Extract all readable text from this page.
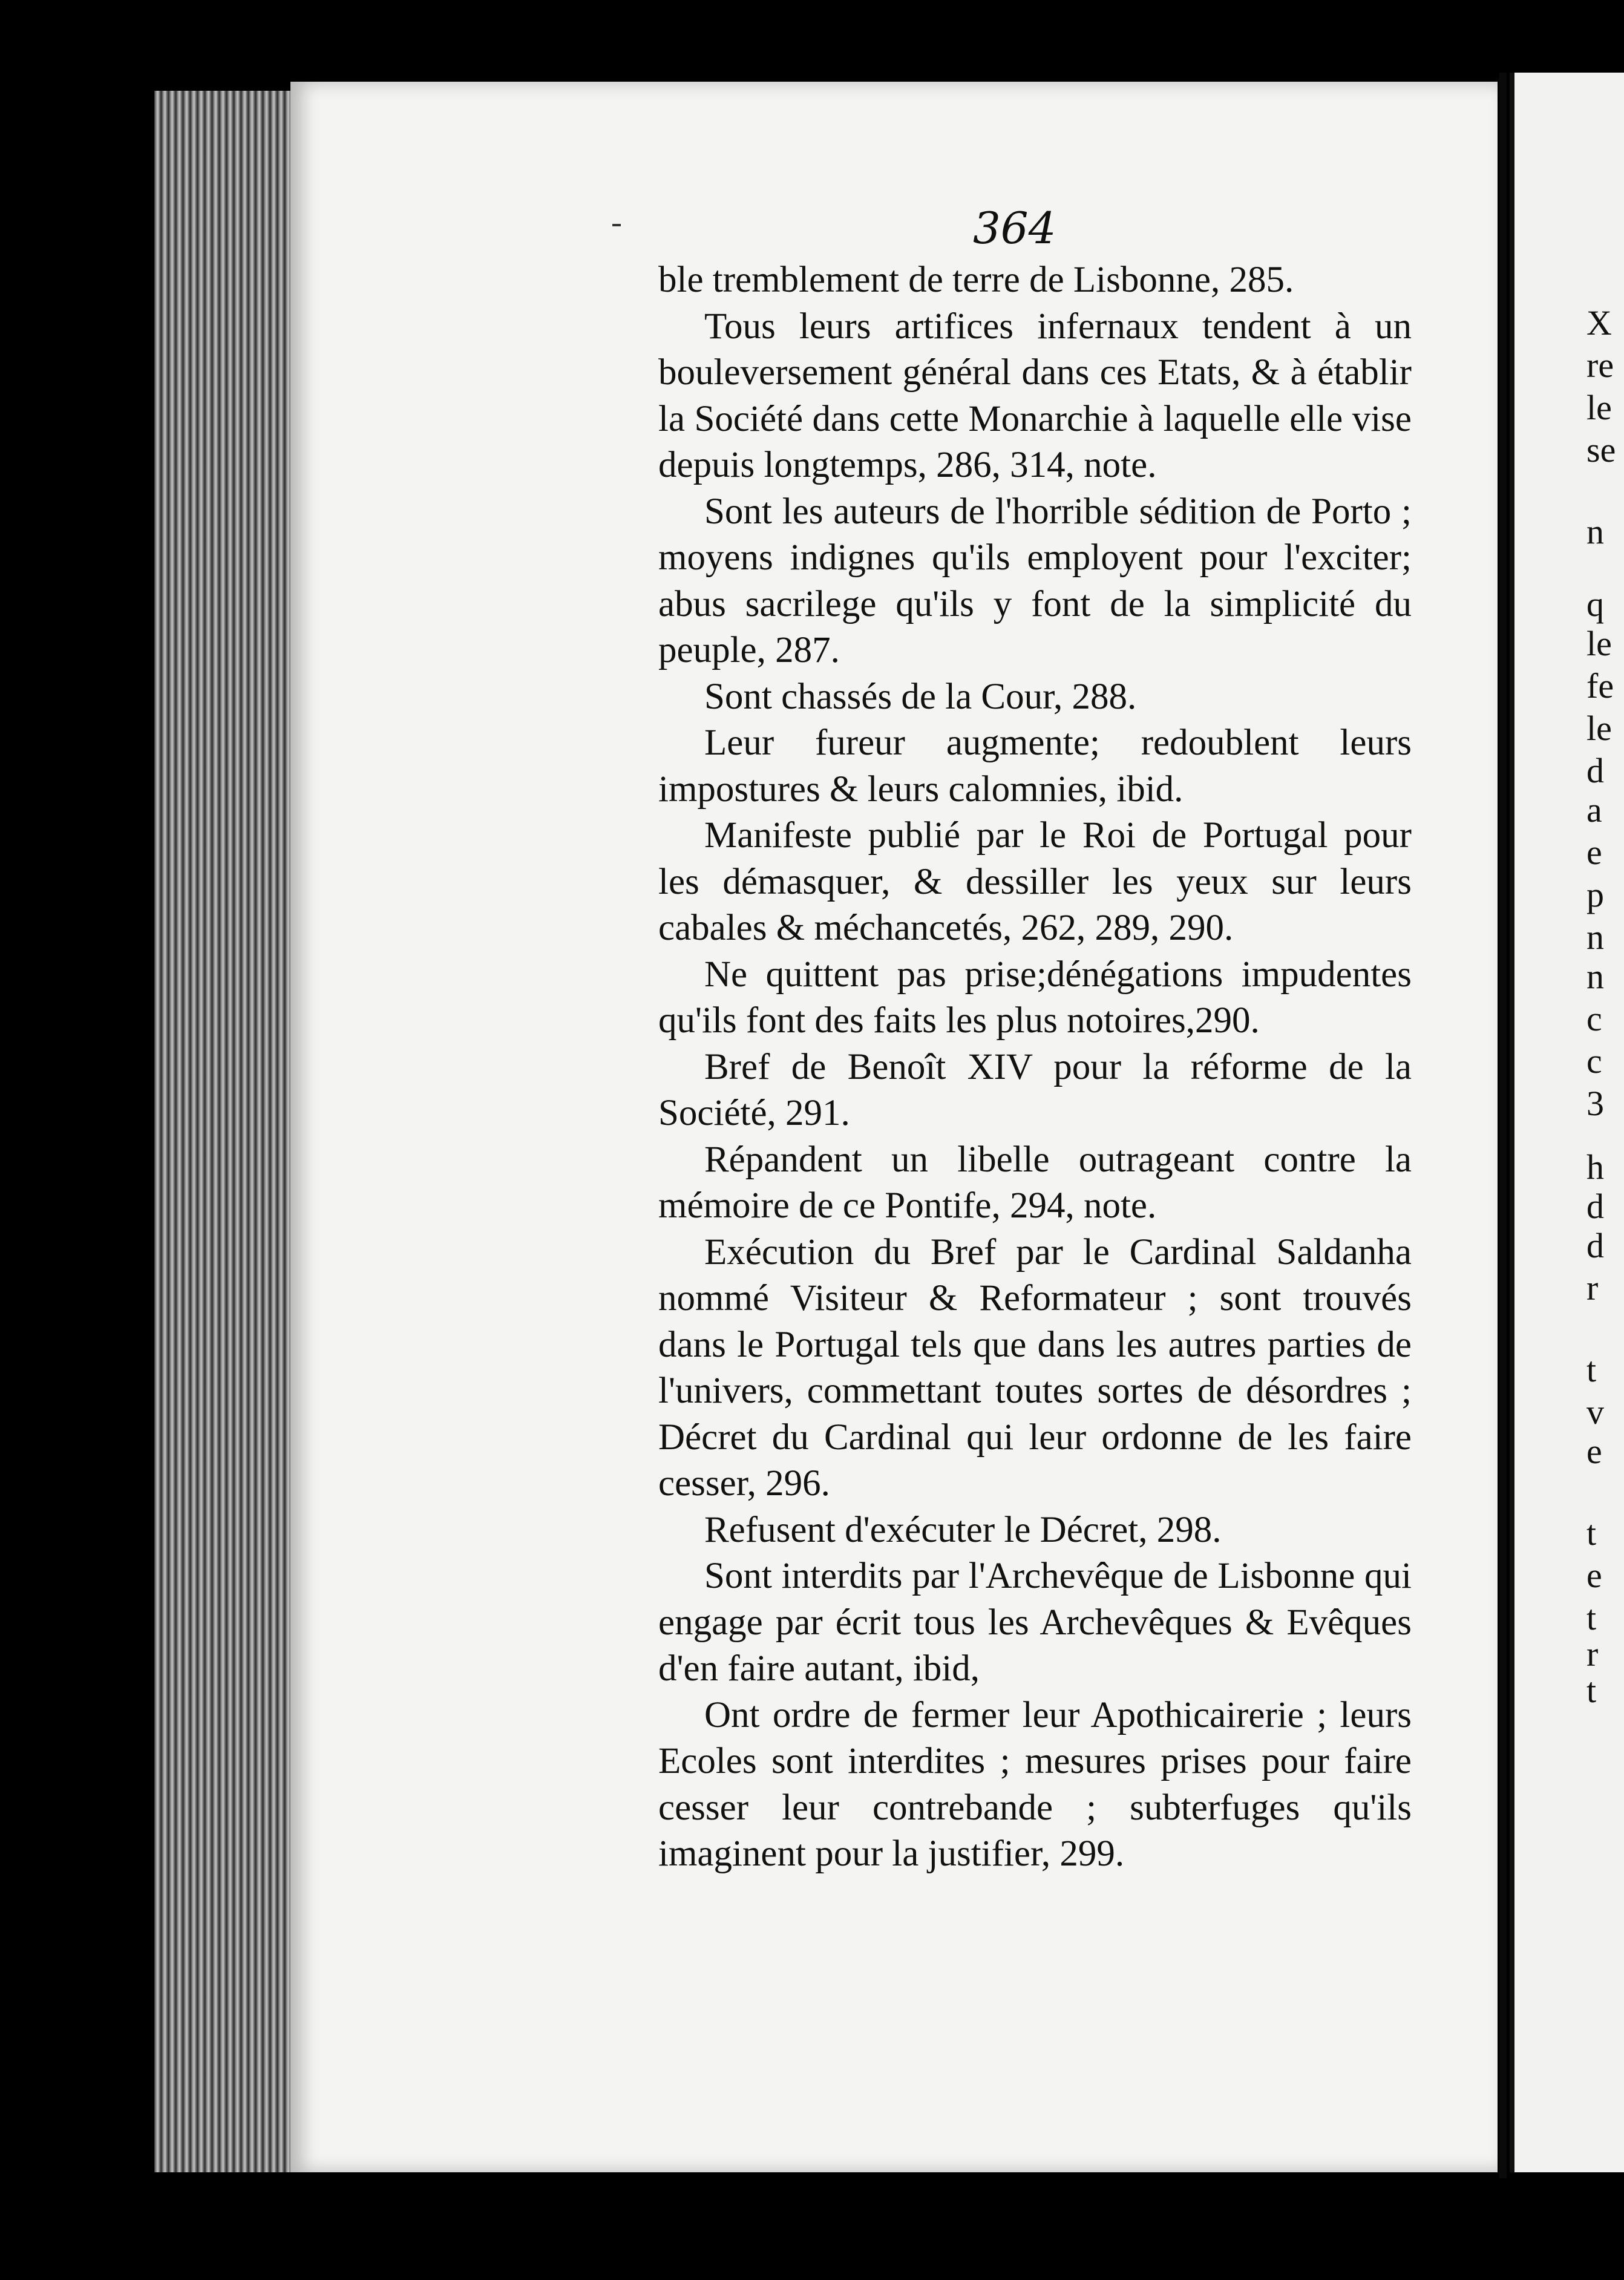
364

ble tremblement de terre de Lisbonne, 285.

Tous leurs artifices infernaux tendent à un bouleversement général dans ces Etats, & à établir la Société dans cette Monarchie à laquelle elle vise depuis longtemps, 286, 314, note.

Sont les auteurs de l'horrible sédition de Porto ; moyens indignes qu'ils employent pour l'exciter; abus sacrilege qu'ils y font de la simplicité du peuple, 287.

Sont chassés de la Cour, 288.

Leur fureur augmente; redoublent leurs impostures & leurs calomnies, ibid.

Manifeste publié par le Roi de Portugal pour les démasquer, & dessiller les yeux sur leurs cabales & méchancetés, 262, 289, 290.

Ne quittent pas prise;dénégations impudentes qu'ils font des faits les plus notoires,290.

Bref de Benoît XIV pour la réforme de la Société, 291.

Répandent un libelle outrageant contre la mémoire de ce Pontife, 294, note.

Exécution du Bref par le Cardinal Saldanha nommé Visiteur & Reformateur ; sont trouvés dans le Portugal tels que dans les autres parties de l'univers, commettant toutes sortes de désordres ; Décret du Cardinal qui leur ordonne de les faire cesser, 296.

Refusent d'exécuter le Décret, 298.

Sont interdits par l'Archevêque de Lisbonne qui engage par écrit tous les Archevêques & Evêques d'en faire autant, ibid,

Ont ordre de fermer leur Apothicairerie ; leurs Ecoles sont interdites ; mesures prises pour faire cesser leur contrebande ; subterfuges qu'ils imaginent pour la justifier, 299.

X
re
le
se
n
q
le
fe
le
d
a
e
p
n
n
c
c
3
h
d
d
r
t
v
e
t
e
t
r
t
